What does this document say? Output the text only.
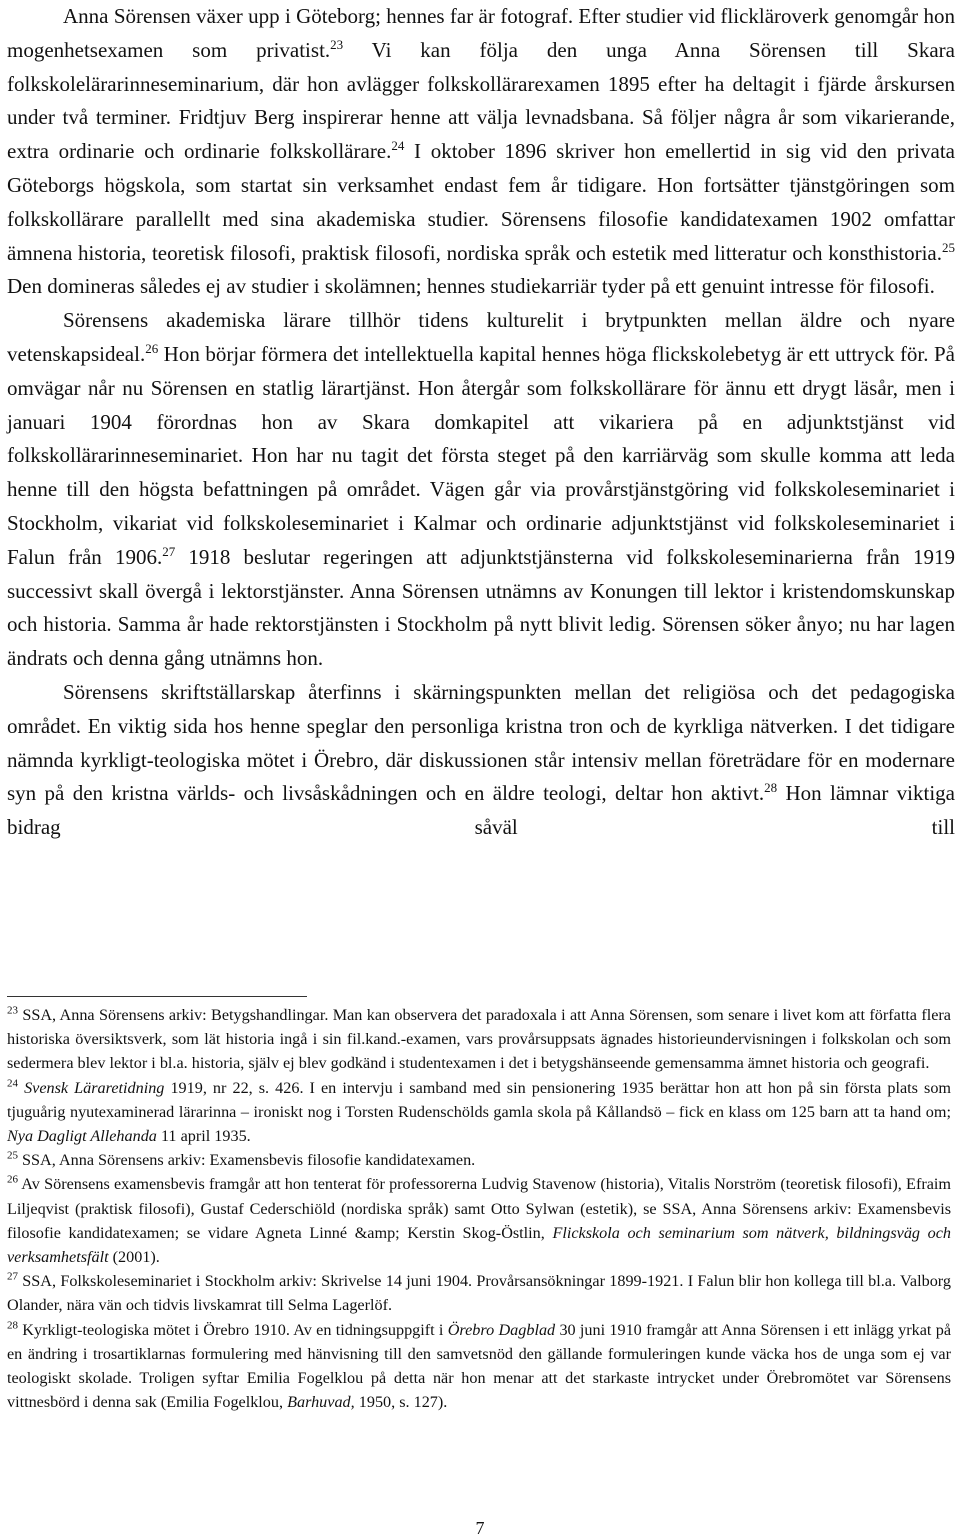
Anna Sörensen växer upp i Göteborg; hennes far är fotograf. Efter studier vid flickläroverk genomgår hon mogenhetsexamen som privatist.$^{23}$ Vi kan följa den unga Anna Sörensen till Skara folkskolelärarinneseminarium, där hon avlägger folkskollärarexamen 1895 efter ha deltagit i fjärde årskursen under två terminer. Fridtjuv Berg inspirerar henne att välja levnadsbana. Så följer några år som vikarierande, extra ordinarie och ordinarie folkskollärare.$^{24}$ I oktober 1896 skriver hon emellertid in sig vid den privata Göteborgs högskola, som startat sin verksamhet endast fem år tidigare. Hon fortsätter tjänstgöringen som folkskollärare parallellt med sina akademiska studier. Sörensens filosofie kandidatexamen 1902 omfattar ämnena historia, teoretisk filosofi, praktisk filosofi, nordiska språk och estetik med litteratur och konsthistoria.$^{25}$ Den domineras således ej av studier i skolämnen; hennes studiekarriär tyder på ett genuint intresse för filosofi.

Sörensens akademiska lärare tillhör tidens kulturelit i brytpunkten mellan äldre och nyare vetenskapsideal.$^{26}$ Hon börjar förmera det intellektuella kapital hennes höga flickskolebetyg är ett uttryck för. På omvägar når nu Sörensen en statlig lärartjänst. Hon återgår som folkskollärare för ännu ett drygt läsår, men i januari 1904 förordnas hon av Skara domkapitel att vikariera på en adjunktstjänst vid folkskollärarinneseminariet. Hon har nu tagit det första steget på den karriärväg som skulle komma att leda henne till den högsta befattningen på området. Vägen går via provårstjänstgöring vid folkskoleseminariet i Stockholm, vikariat vid folkskoleseminariet i Kalmar och ordinarie adjunktstjänst vid folkskoleseminariet i Falun från 1906.27 1918 beslutar regeringen att adjunktstjänsterna vid folkskoleseminarierna från 1919 successivt skall övergå i lektorstjänster. Anna Sörensen utnämns av Konungen till lektor i kristendomskunskap och historia. Samma år hade rektorstjänsten i Stockholm på nytt blivit ledig. Sörensen söker ånyo; nu har lagen ändrats och denna gång utnämns hon.

Sörensens skriftställarskap återfinns i skärningspunkten mellan det religiösa och det pedagogiska området. En viktig sida hos henne speglar den personliga kristna tron och de kyrkliga nätverken. I det tidigare nämnda kyrkligt-teologiska mötet i Örebro, där diskussionen står intensiv mellan företrädare för en modernare syn på den kristna världs- och livsåskådningen och en äldre teologi, deltar hon aktivt.$^{28}$ Hon lämnar viktiga bidrag såväl till

$^{23}$ SSA, Anna Sörensens arkiv: Betygshandlingar. Man kan observera det paradoxala i att Anna Sörensen, som senare i livet kom att författa flera historiska översiktsverk, som lät historia ingå i sin fil.kand.-examen, vars provårsuppsats ägnades historieundervisningen i folkskolan och som sedermera blev lektor i bl.a. historia, själv ej blev godkänd i studentexamen i det i betygshänseende gemensamma ämnet historia och geografi.

$^{24}$ Svensk Läraretidning 1919, nr 22, s. 426. I en intervju i samband med sin pensionering 1935 berättar hon att hon på sin första plats som tjuguårig nyutexaminerad lärarinna – ironiskt nog i Torsten Rudenschölds gamla skola på Kållandsö – fick en klass om 125 barn att ta hand om; Nya Dagligt Allehanda 11 april 1935.

$^{25}$ SSA, Anna Sörensens arkiv: Examensbevis filosofie kandidatexamen.

$^{26}$ Av Sörensens examensbevis framgår att hon tenterat för professorerna Ludvig Stavenow (historia), Vitalis Norström (teoretisk filosofi), Efraim Liljeqvist (praktisk filosofi), Gustaf Cederschiöld (nordiska språk) samt Otto Sylwan (estetik), se SSA, Anna Sörensens arkiv: Examensbevis filosofie kandidatexamen; se vidare Agneta Linné &amp; Kerstin Skog-Östlin, Flickskola och seminarium som nätverk, bildningsväg och verksamhetsfält (2001).

$^{27}$ SSA, Folkskoleseminariet i Stockholm arkiv: Skrivelse 14 juni 1904. Provårsansökningar 1899-1921. I Falun blir hon kollega till bl.a. Valborg Olander, nära vän och tidvis livskamrat till Selma Lagerlöf.

$^{28}$ Kyrkligt-teologiska mötet i Örebro 1910. Av en tidningsuppgift i Örebro Dagblad 30 juni 1910 framgår att Anna Sörensen i ett inlägg yrkat på en ändring i trosartiklarnas formulering med hänvisning till den samvetsnöd den gällande formuleringen kunde väcka hos de unga som ej var teologiskt skolade. Troligen syftar Emilia Fogelklou på detta när hon menar att det starkaste intrycket under Örebromötet var Sörensens vittnesbörd i denna sak (Emilia Fogelklou, Barhuvad, 1950, s. 127).

7
